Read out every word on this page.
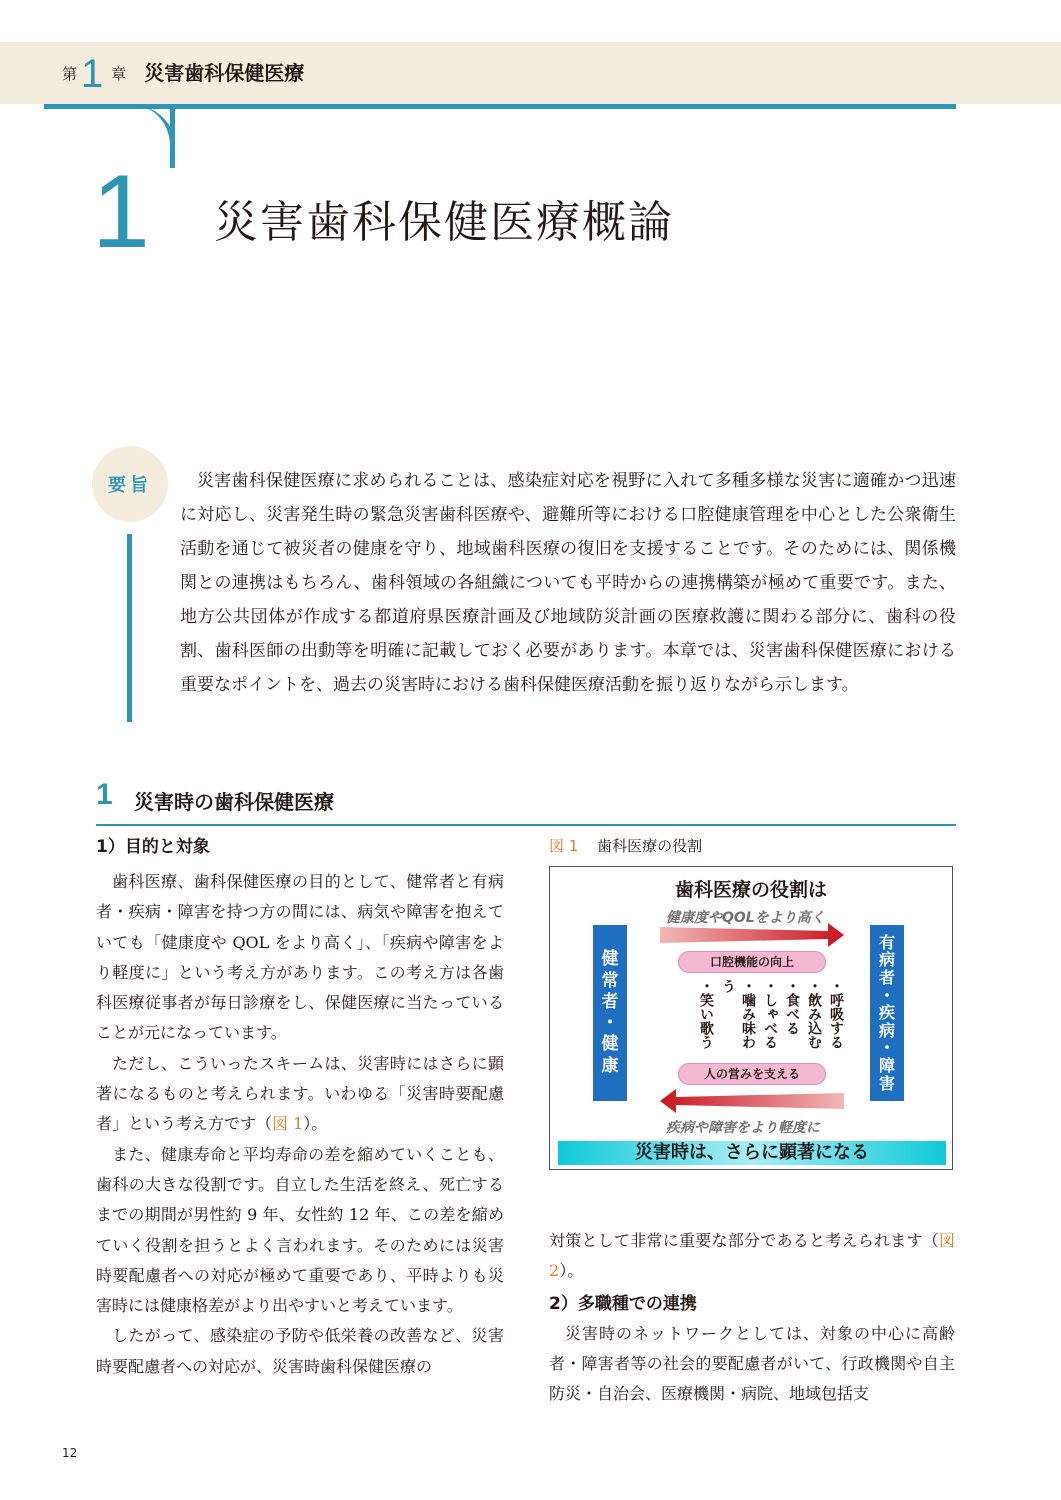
第 1 章 災害歯科保健医療
1 災害歯科保健医療概論
要旨	災害歯科保健医療に求められることは、感染症対応を視野に入れて多種多様な災害に適確かつ迅速に対応し、災害発生時の緊急災害歯科医療や、避難所等における口腔健康管理を中心とした公衆衛生活動を通じて被災者の健康を守り、地域歯科医療の復旧を支援することです。そのためには、関係機関との連携はもちろん、歯科領域の各組織についても平時からの連携構築が極めて重要です。また、地方公共団体が作成する都道府県医療計画及び地域防災計画の医療救護に関わる部分に、歯科の役割、歯科医師の出動等を明確に記載しておく必要があります。本章では、災害歯科保健医療における重要なポイントを、過去の災害時における歯科保健医療活動を振り返りながら示します。

1 災害時の歯科保健医療
1）目的と対象

歯科医療、歯科保健医療の目的として、健常者と有病者・疾病・障害を持つ方の間には、病気や障害を抱えていても「健康度や QOL をより高く」、「疾病や障害をより軽度に」という考え方があります。この考え方は各歯科医療従事者が毎日診療をし、保健医療に当たっていることが元になっています。

ただし、こういったスキームは、災害時にはさらに顕著になるものと考えられます。いわゆる「災害時要配慮者」という考え方です（図 1）。

また、健康寿命と平均寿命の差を縮めていくことも、歯科の大きな役割です。自立した生活を終え、死亡するまでの期間が男性約 9 年、女性約 12 年、この差を縮めていく役割を担うとよく言われます。そのためには災害時要配慮者への対応が極めて重要であり、平時よりも災害時には健康格差がより出やすいと考えています。

したがって、感染症の予防や低栄養の改善など、災害時要配慮者への対応が、災害時歯科保健医療の

図 1 歯科医療の役割
歯科医療の役割は
健康度やQOLをより高く
疾病や障害をより軽度に
健
常
者
・
健
康
有
病
者
・
疾
病
・
障
害
口腔機能の向上
・呼吸する
・飲み込む
・食べる
・しゃべる
・噛み味わう
・笑い歌う
人の営みを支える
災害時は、さらに顕著になる

対策として非常に重要な部分であると考えられます（図 2）。

2）多職種での連携

災害時のネットワークとしては、対象の中心に高齢者・障害者等の社会的要配慮者がいて、行政機関や自主防災・自治会、医療機関・病院、地域包括支

12
